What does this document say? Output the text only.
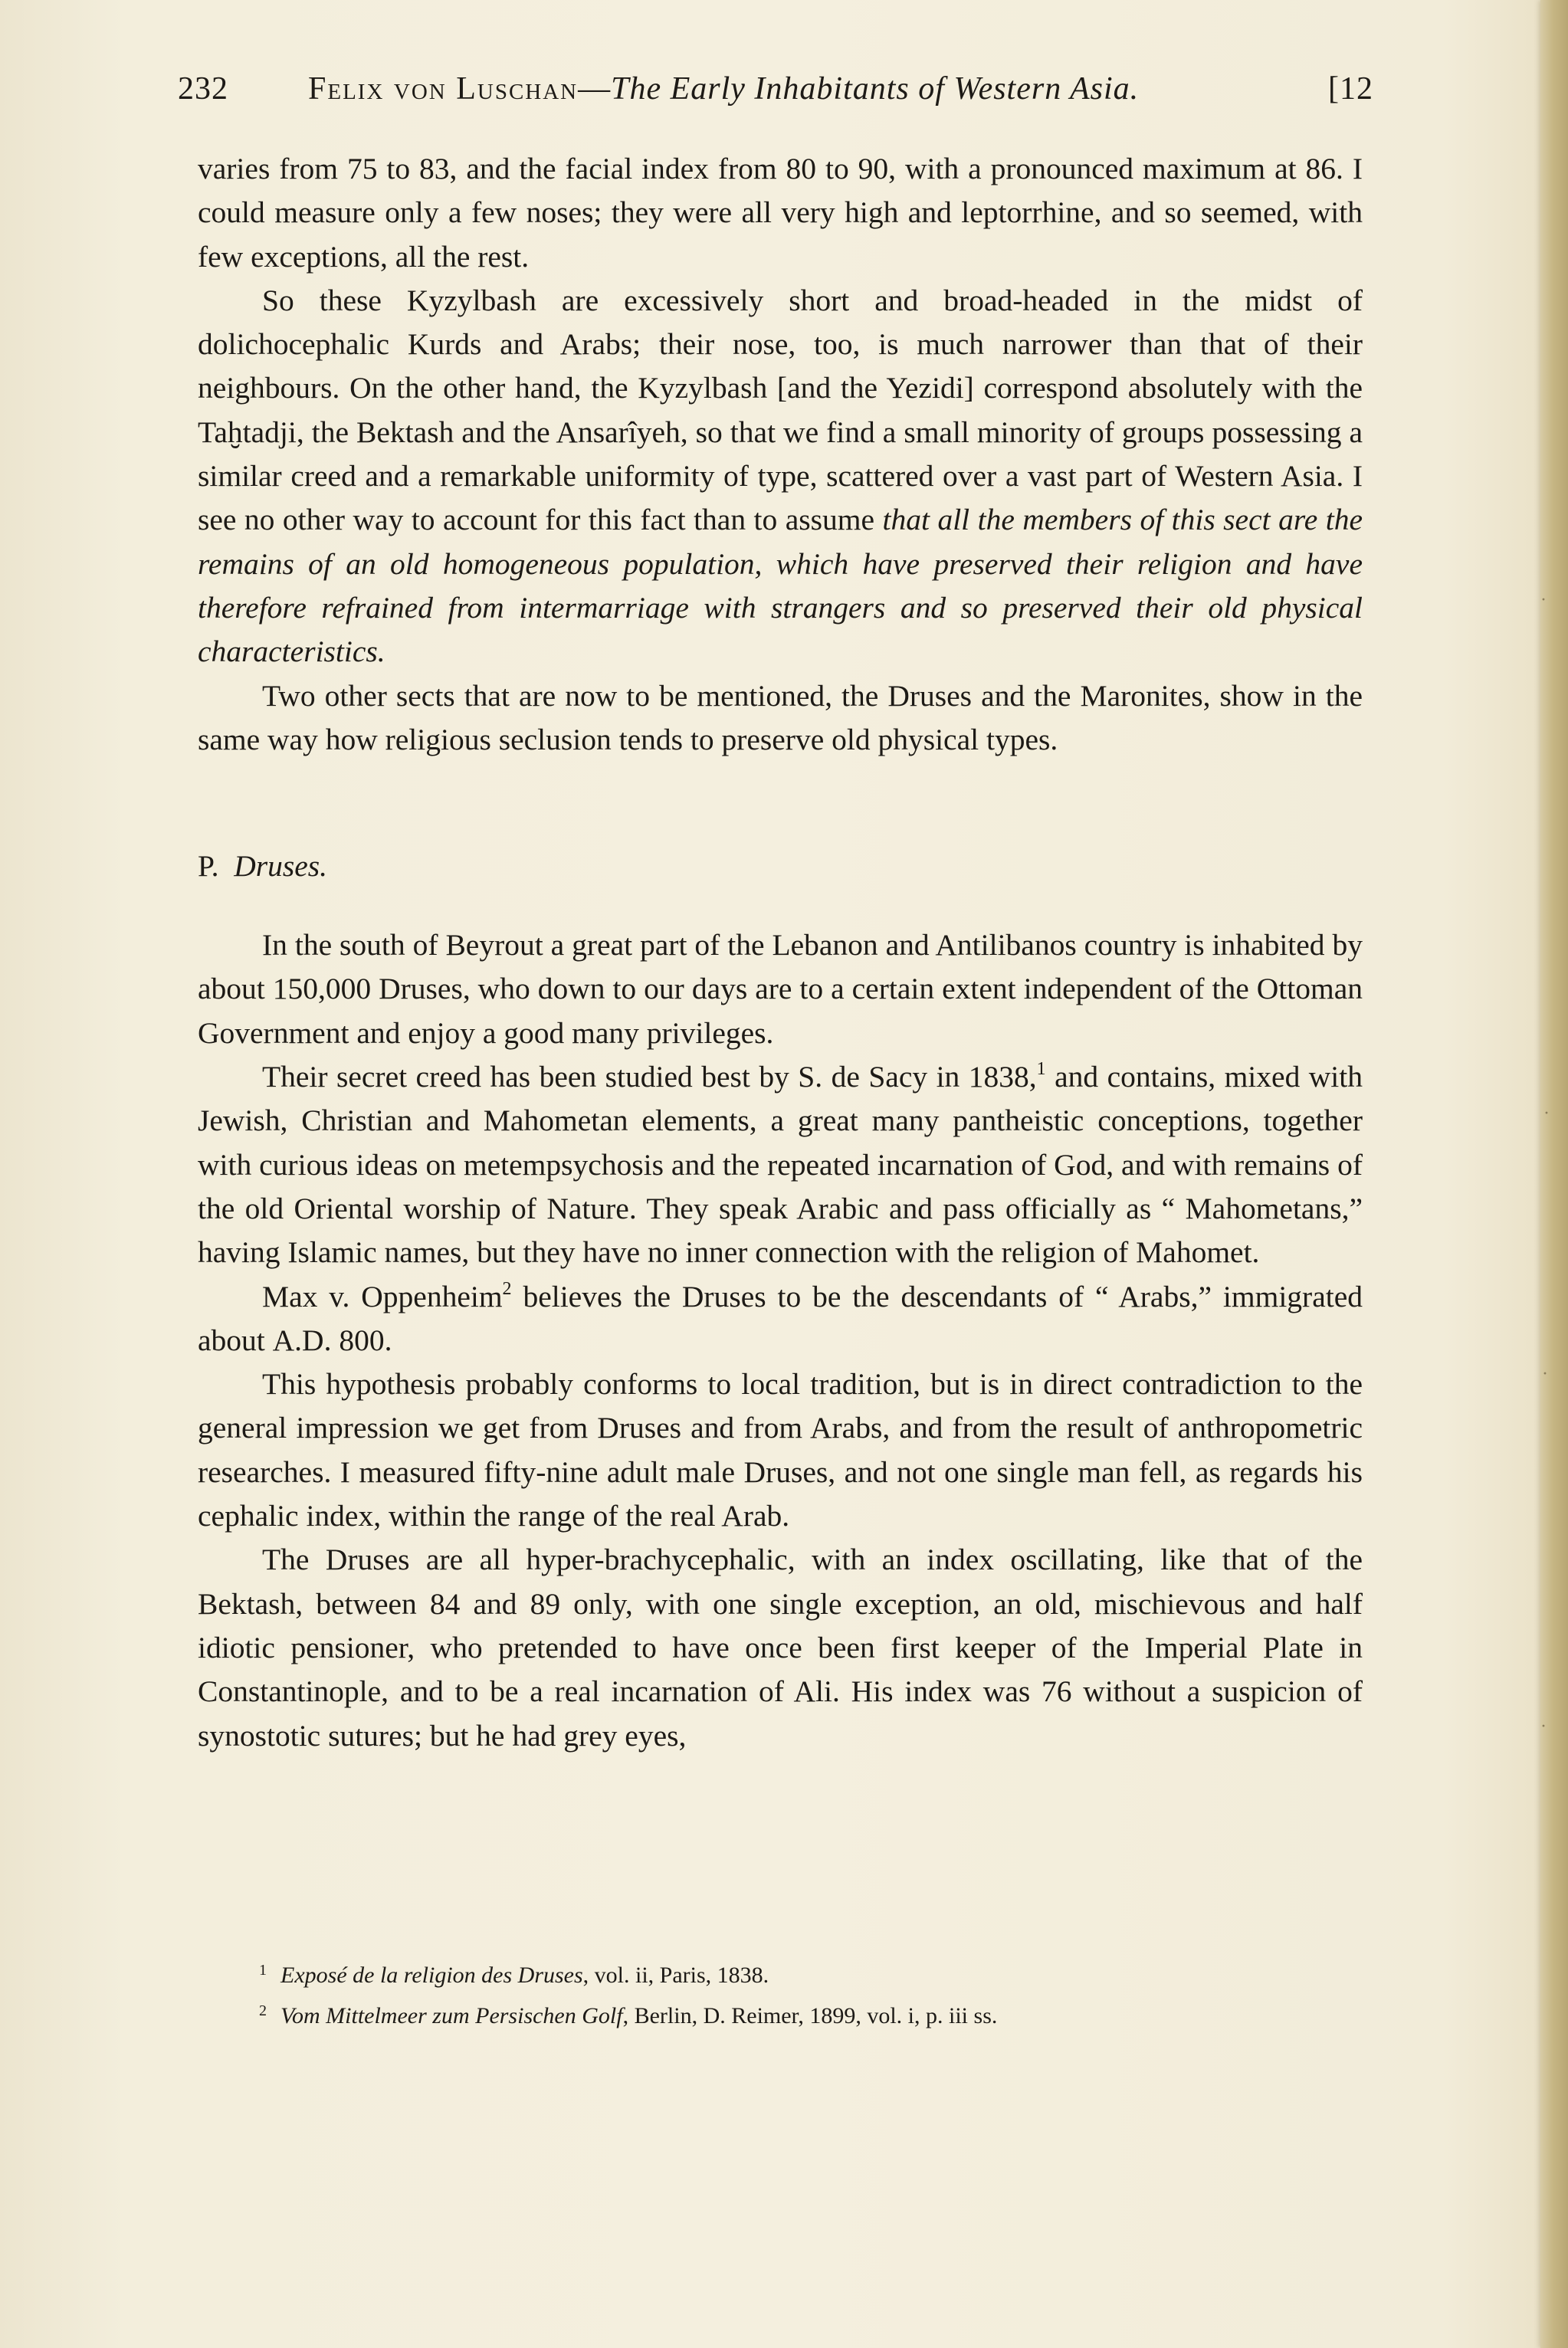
232 Felix von Luschan—The Early Inhabitants of Western Asia.	[12

varies from 75 to 83, and the facial index from 80 to 90, with a pronounced maximum at 86. I could measure only a few noses; they were all very high and leptorrhine, and so seemed, with few exceptions, all the rest.

So these Kyzylbash are excessively short and broad-headed in the midst of dolichocephalic Kurds and Arabs; their nose, too, is much narrower than that of their neighbours. On the other hand, the Kyzylbash [and the Yezidi] correspond absolutely with the Taḫtadji, the Bektash and the Ansarîyeh, so that we find a small minority of groups possessing a similar creed and a remarkable uniformity of type, scattered over a vast part of Western Asia. I see no other way to account for this fact than to assume that all the members of this sect are the remains of an old homogeneous population, which have preserved their religion and have therefore refrained from intermarriage with strangers and so preserved their old physical characteristics.

Two other sects that are now to be mentioned, the Druses and the Maronites, show in the same way how religious seclusion tends to preserve old physical types.

P. Druses.

In the south of Beyrout a great part of the Lebanon and Antilibanos country is inhabited by about 150,000 Druses, who down to our days are to a certain extent independent of the Ottoman Government and enjoy a good many privileges.

Their secret creed has been studied best by S. de Sacy in 1838,$^1$ and contains, mixed with Jewish, Christian and Mahometan elements, a great many pantheistic conceptions, together with curious ideas on metempsychosis and the repeated incarnation of God, and with remains of the old Oriental worship of Nature. They speak Arabic and pass officially as “ Mahometans,” having Islamic names, but they have no inner connection with the religion of Mahomet.

Max v. Oppenheim$^2$ believes the Druses to be the descendants of “ Arabs,” immigrated about A.D. 800.

This hypothesis probably conforms to local tradition, but is in direct contradiction to the general impression we get from Druses and from Arabs, and from the result of anthropometric researches. I measured fifty-nine adult male Druses, and not one single man fell, as regards his cephalic index, within the range of the real Arab.

The Druses are all hyper-brachycephalic, with an index oscillating, like that of the Bektash, between 84 and 89 only, with one single exception, an old, mischievous and half idiotic pensioner, who pretended to have once been first keeper of the Imperial Plate in Constantinople, and to be a real incarnation of Ali. His index was 76 without a suspicion of synostotic sutures; but he had grey eyes,

$^1$ Exposé de la religion des Druses, vol. ii, Paris, 1838.
$^2$ Vom Mittelmeer zum Persischen Golf, Berlin, D. Reimer, 1899, vol. i, p. iii ss.
·
·
·
·
